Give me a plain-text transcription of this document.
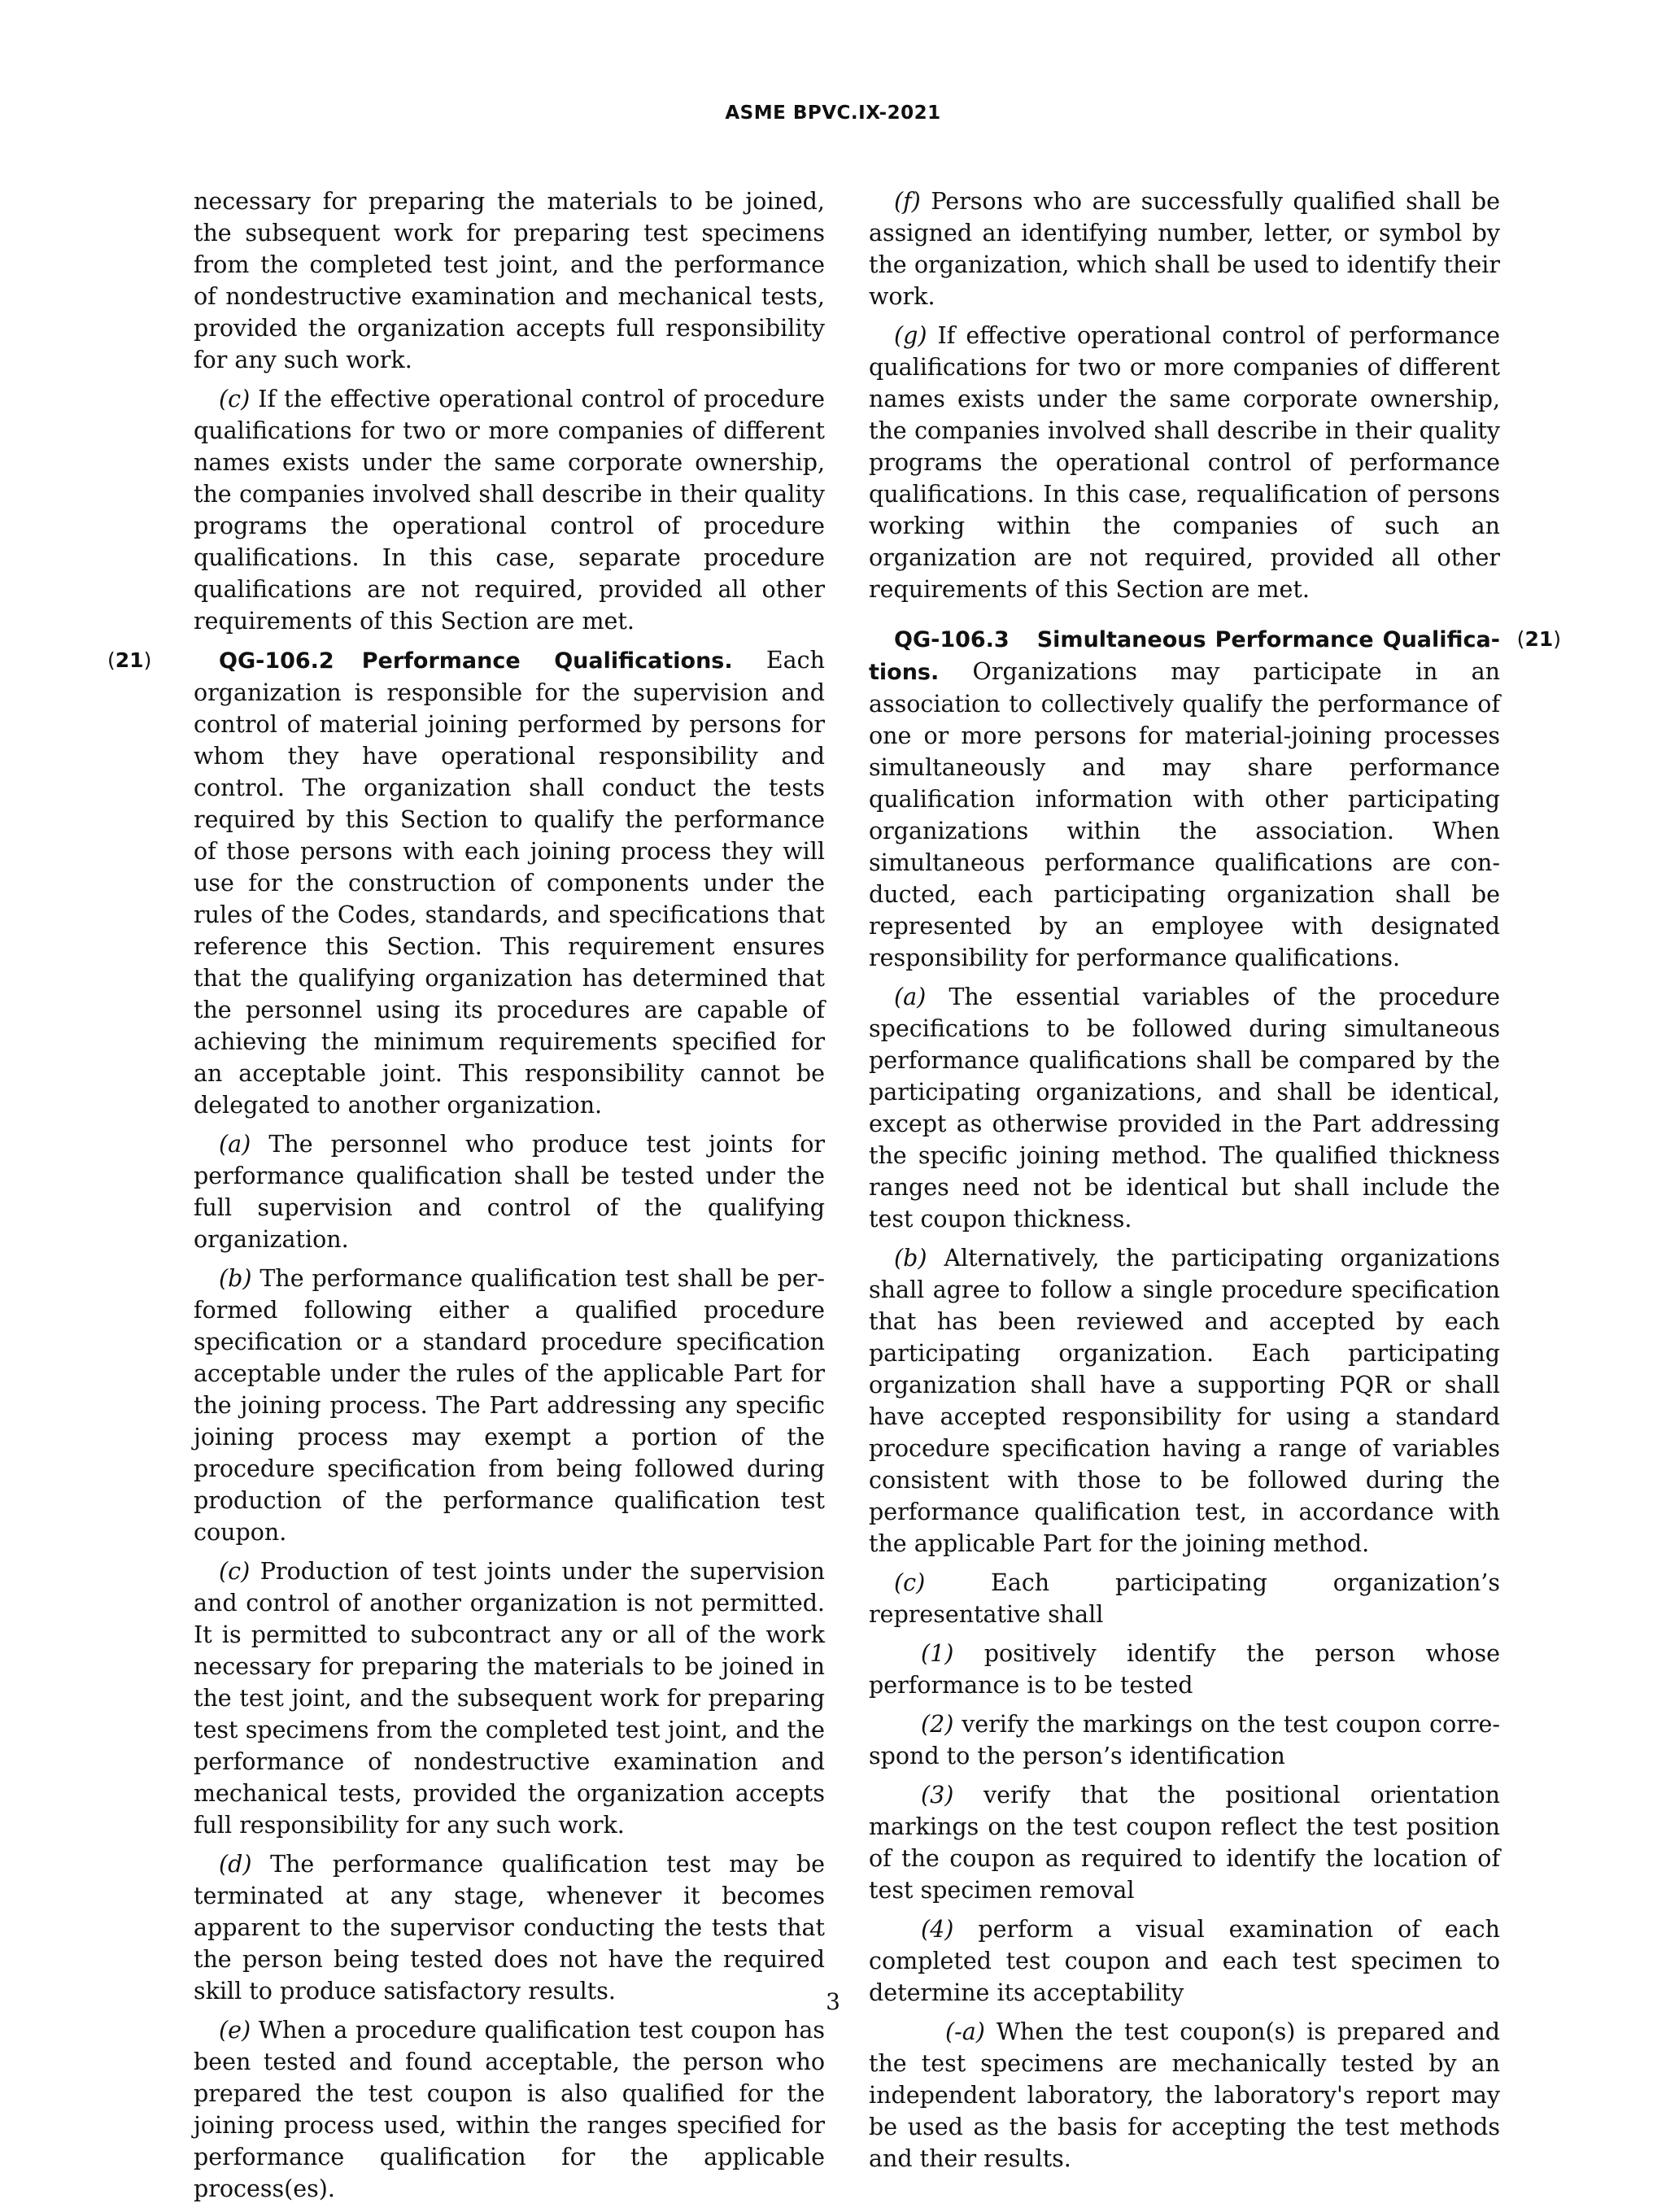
ASME BPVC.IX-2021

necessary for preparing the materials to be joined, the subsequent work for preparing test specimens from the completed test joint, and the performance of nondestructive examination and mechanical tests, provided the organization accepts full responsibility for any such work.

(c) If the effective operational control of procedure qualifications for two or more companies of different names exists under the same corporate ownership, the companies involved shall describe in their quality programs the operational control of procedure qualifications. In this case, separate procedure qualifications are not required, provided all other requirements of this Section are met.

(21)	QG-106.2 Performance Qualifications. Each organization is responsible for the supervision and control of material joining performed by persons for whom they have operational responsibility and control. The organization shall conduct the tests required by this Section to qualify the performance of those persons with each joining process they will use for the construction of components under the rules of the Codes, standards, and specifications that reference this Section. This requirement ensures that the qualifying organization has determined that the personnel using its procedures are capable of achieving the minimum requirements specified for an acceptable joint. This responsibility cannot be delegated to another organization.

(a) The personnel who produce test joints for performance qualification shall be tested under the full supervision and control of the qualifying organization.

(b) The performance qualification test shall be performed following either a qualified procedure specification or a standard procedure specification acceptable under the rules of the applicable Part for the joining process. The Part addressing any specific joining process may exempt a portion of the procedure specification from being followed during production of the performance qualification test coupon.

(c) Production of test joints under the supervision and control of another organization is not permitted. It is permitted to subcontract any or all of the work necessary for preparing the materials to be joined in the test joint, and the subsequent work for preparing test specimens from the completed test joint, and the performance of nondestructive examination and mechanical tests, provided the organization accepts full responsibility for any such work.

(d) The performance qualification test may be terminated at any stage, whenever it becomes apparent to the supervisor conducting the tests that the person being tested does not have the required skill to produce satisfactory results.

(e) When a procedure qualification test coupon has been tested and found acceptable, the person who prepared the test coupon is also qualified for the joining process used, within the ranges specified for performance qualification for the applicable process(es).

(f) Persons who are successfully qualified shall be assigned an identifying number, letter, or symbol by the organization, which shall be used to identify their work.

(g) If effective operational control of performance qualifications for two or more companies of different names exists under the same corporate ownership, the companies involved shall describe in their quality programs the operational control of performance qualifications. In this case, requalification of persons working within the companies of such an organization are not required, provided all other requirements of this Section are met.

(21)
QG-106.3 Simultaneous Performance Qualifications. Organizations may participate in an association to collectively qualify the performance of one or more persons for material-joining processes simultaneously and may share performance qualification information with other participating organizations within the association. When simultaneous performance qualifications are conducted, each participating organization shall be represented by an employee with designated responsibility for performance qualifications.

(a) The essential variables of the procedure specifications to be followed during simultaneous performance qualifications shall be compared by the participating organizations, and shall be identical, except as otherwise provided in the Part addressing the specific joining method. The qualified thickness ranges need not be identical but shall include the test coupon thickness.

(b) Alternatively, the participating organizations shall agree to follow a single procedure specification that has been reviewed and accepted by each participating organization. Each participating organization shall have a supporting PQR or shall have accepted responsibility for using a standard procedure specification having a range of variables consistent with those to be followed during the performance qualification test, in accordance with the applicable Part for the joining method.

(c) Each participating organization’s representative shall

(1) positively identify the person whose performance is to be tested

(2) verify the markings on the test coupon correspond to the person’s identification

(3) verify that the positional orientation markings on the test coupon reflect the test position of the coupon as required to identify the location of test specimen removal

(4) perform a visual examination of each completed test coupon and each test specimen to determine its acceptability

(-a) When the test coupon(s) is prepared and the test specimens are mechanically tested by an independent laboratory, the laboratory's report may be used as the basis for accepting the test methods and their results.

3
